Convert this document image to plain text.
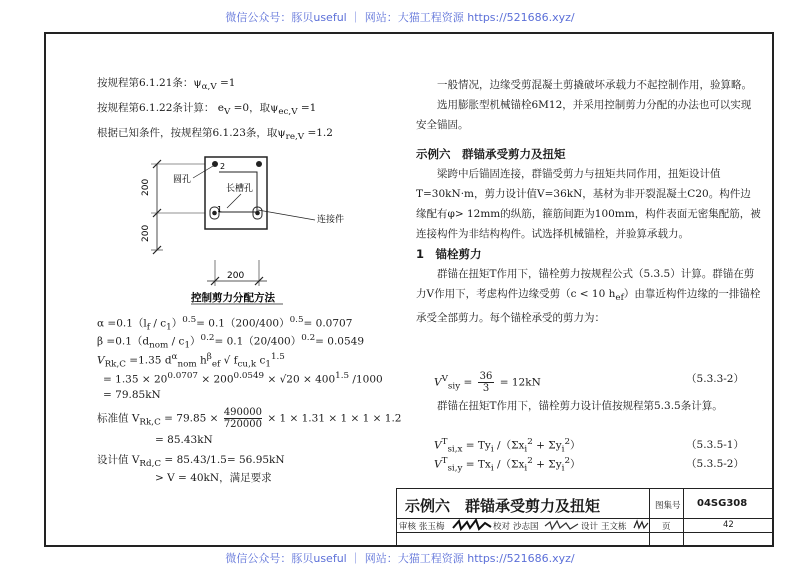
微信公众号：豚贝useful ｜ 网站：大猫工程资源 https://521686.xyz/
微信公众号：豚贝useful ｜ 网站：大猫工程资源 https://521686.xyz/
按规程第6.1.21条：$\psi_{\alpha,V} =1$
按规程第6.1.22条计算： $e_V =0$，取$\psi_{ec,V} =1$
根据已知条件，按规程第6.1.23条，取$\psi_{re,V} =1.2$
2
1
圆孔
长槽孔
连接件
200
200
200
控制剪力分配方法
$\alpha =0.1(l_f / c_1)^{0.5}= 0.1(200/400)^{0.5}= 0.0707$
$\beta =0.1(d_{nom} / c_1)^{0.2}= 0.1(20/400)^{0.2}= 0.0549$
$V_{Rk,C} =1.35$ $d^\alpha_{nom}$ $h^\beta_{ef}$ √ $f_{cu,k}$ $c_1^{1.5}$
= $1.35 \times 20^{0.0707} \times 200^{0.0549} \times √20 \times 400^{1.5}$ /1000
= 79.85kN
标准值 $V_{Rk,C} = 79.85 \times \frac{490000}{720000} \times 1 \times 1.31 \times 1 \times 1 \times 1.2$
= 85.43kN
设计值 $V_{Rd,C} = 85.43/1.5= 56.95kN$
> V = 40kN，满足要求

一般情况，边缘受剪混凝土剪撬破坏承载力不起控制作用，验算略。

选用膨胀型机械锚栓6M12，并采用控制剪力分配的办法也可以实现安全锚固。

示例六　群锚承受剪力及扭矩

梁跨中后锚固连接，群锚受剪力与扭矩共同作用，扭矩设计值T=30kN·m，剪力设计值V=36kN，基材为非开裂混凝土C20。构件边缘配有φ> 12mm的纵筋，箍筋间距为100mm，构件表面无密集配筋，被连接构件为非结构构件。试选择机械锚栓，并验算承载力。

1　锚栓剪力

群锚在扭矩T作用下，锚栓剪力按规程公式（5.3.5）计算。群锚在剪力V作用下，考虑构件边缘受剪（c < 10 $h_{ef}$）由靠近构件边缘的一排锚栓承受全部剪力。每个锚栓承受的剪力为：

$V^V_{siy} = \frac{36}{3} = 12kN$	（5.3.3-2）

群锚在扭矩T作用下，锚栓剪力设计值按规程第5.3.5条计算。

$V^T_{si,x} = Ty_i$ $/(\Sigma x_i^2 + \Sigma y_i^2)$	（5.3.5-1）
$V^T_{si,y} = Tx_i$ $/(\Sigma x_i^2 + \Sigma y_i^2)$	（5.3.5-2）
示例六　群锚承受剪力及扭矩	图集号 04SG308
审核 张玉梅	校对 沙志国	设计 王文栋	页	42
